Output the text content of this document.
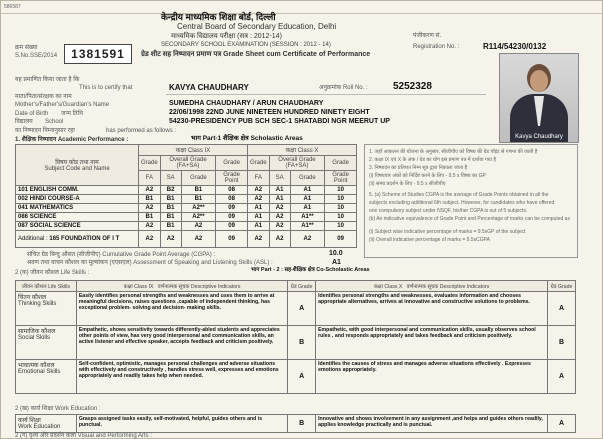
586587
केन्द्रीय माध्यमिक शिक्षा बोर्ड, दिल्ली
Central Board of Secondary Education, Delhi
माध्यमिक विद्यालय परीक्षा (सत्र : 2012-14)
SECONDARY SCHOOL EXAMINATION (SESSION : 2012 - 14)
ग्रेड शीट सह निष्पादन प्रमाण पत्र Grade Sheet cum Certificate of Performance
क्रम संख्या
S.No.SSE/2014	1381591
पंजीकरण सं.
Registration No. :	R114/54230/0132
Kavya Chaudhary
यह प्रमाणित किया जाता है कि
This is to certify that	KAVYA CHAUDHARY	अनुक्रमांक Roll No. :	5252328
माता/पिता/संरक्षक का नाम
Mother's/Father's/Guardian's Name	SUMEDHA CHAUDHARY / ARUN CHAUDHARY
Date of Birth जन्म तिथि	22/06/1998 22ND JUNE NINETEEN HUNDRED NINETY EIGHT
विद्यालय School	54230-PRESIDENCY PUB SCH SEC-1 SHATABDI NGR MEERUT UP
का निष्पादन निम्नानुसार रहा	has performed as follows :
भाग Part-1 शैक्षिक क्षेत्र Scholastic Areas
1. शैक्षिक निष्पादन Academic Performance :
विषय कोड तथा नाम
Subject Code and Name	कक्षा Class IX				कक्षा Class X			
	Grade	Overall Grade (FA+SA)		Grade	Grade	Overall Grade (FA+SA)		Grade
	FA	SA	Grade	Grade Point	FA	SA	Grade	Grade Point
101 ENGLISH COMM.	A2	B2	B1	08	A2	A1	A1	10
002 HINDI COURSE-A	B1	B1	B1	08	A2	A1	A1	10
041 MATHEMATICS	A2	B1	A2**	09	A1	A2	A1	10
086 SCIENCE	B1	B1	A2**	09	A1	A2	A1**	10
087 SOCIAL SCIENCE	A2	B1	A2	09	A1	A2	A1**	10
Additional : 165 FOUNDATION OF I T	A2	A2	A2	09	A2	A2	A2	09
1. जहाँ आकलन की योजना के अनुसार, सीजीपीए को विषय की ग्रेड पॉइंट से गणना की जाती है
2. कक्षा IX एवं X के अंक / ग्रेड का योग इस प्रमाण पत्र में दर्शाया गया है
3. निष्पादन का प्रतिशत निम्न सूत्र द्वारा निकाला जाता है
(i) विषयवार अंकों को निर्दिष्ट करने के लिए - 9.5 x विषय का GP
(ii) समग्र प्रदर्शन के लिए - 9.5 x सीजीपीए
5. (a) Scheme of Studies CGPA is the average of Grade Points obtained in all the
subjects excluding additional 6th subject. However, for candidates who have offered
one compulsory subject under NSQF, his/her CGPA is out of 5 subjects.
(b) An indicative equivalence of Grade Point and Percentage of marks can be computed as
(i) Subject wise indicative percentage of marks = 9.5xGP of the subject
(ii) Overall indicative percentage of marks = 9.5xCGPA
संचित ग्रेड बिन्दु औसत (सीजीपीए) Cumulative Grade Point Average (CGPA) :	10.0
श्रवण तथा वाचन कौशल का मूल्यांकन (एएसएल) Assessment of Speaking and Listening Skills (ASL) :	A1
भाग Part - 2 : सह-शैक्षिक क्षेत्र Co-Scholastic Areas
2 (क) जीवन कौशल Life Skills :
जीवन कौशल Life Skills	कक्षा Class IX वर्णनात्मक सूचक Descriptive Indicators	ग्रेड Grade	कक्षा Class X वर्णनात्मक सूचक Descriptive Indicators	ग्रेड Grade
चिंतन कौशल
Thinking Skills	Easily identifies personal strengths and weaknesses and uses them to arrive at meaningful decisions, raises questions ,capable of independent thinking, has exceptional problem- solving and decision- making skills.	A	Identifies personal strengths and weaknesses, evaluates information and chooses appropriate alternatives, arrives at innovative and constructive solutions to problems.	A
सामाजिक कौशल
Social Skills	Empathetic, shows sensitivity towards differently-abled students and appreciates other points of view, has very good interpersonal and communication skills, an active listener and effective speaker, accepts feedback and criticism positively.	B	Empathetic, with good interpersonal and communication skills, usually observes school rules , and responds appropriately and takes feedback and criticism positively.	B
भावात्मक कौशल
Emotional Skills	Self-confident, optimistic, manages personal challenges and adverse situations with effectively and constructively , handles stress well, expresses and emotions appropriately and readily takes help when needed.	A	Identifies the causes of stress and manages adverse situations effectively . Expresses emotions appropriately.	A
2 (ख) कार्य शिक्षा Work Education :
कार्य शिक्षा
Work Education	Grasps assigned tasks easily, self-motivated, helpful, guides others and is punctual.	B	Innovative and shows involvement in any assignment ,and helps and guides others readily, applies knowledge practically and is punctual.	A
2 (ग) दृश्य और प्रदर्शन कला Visual and Performing Arts :
